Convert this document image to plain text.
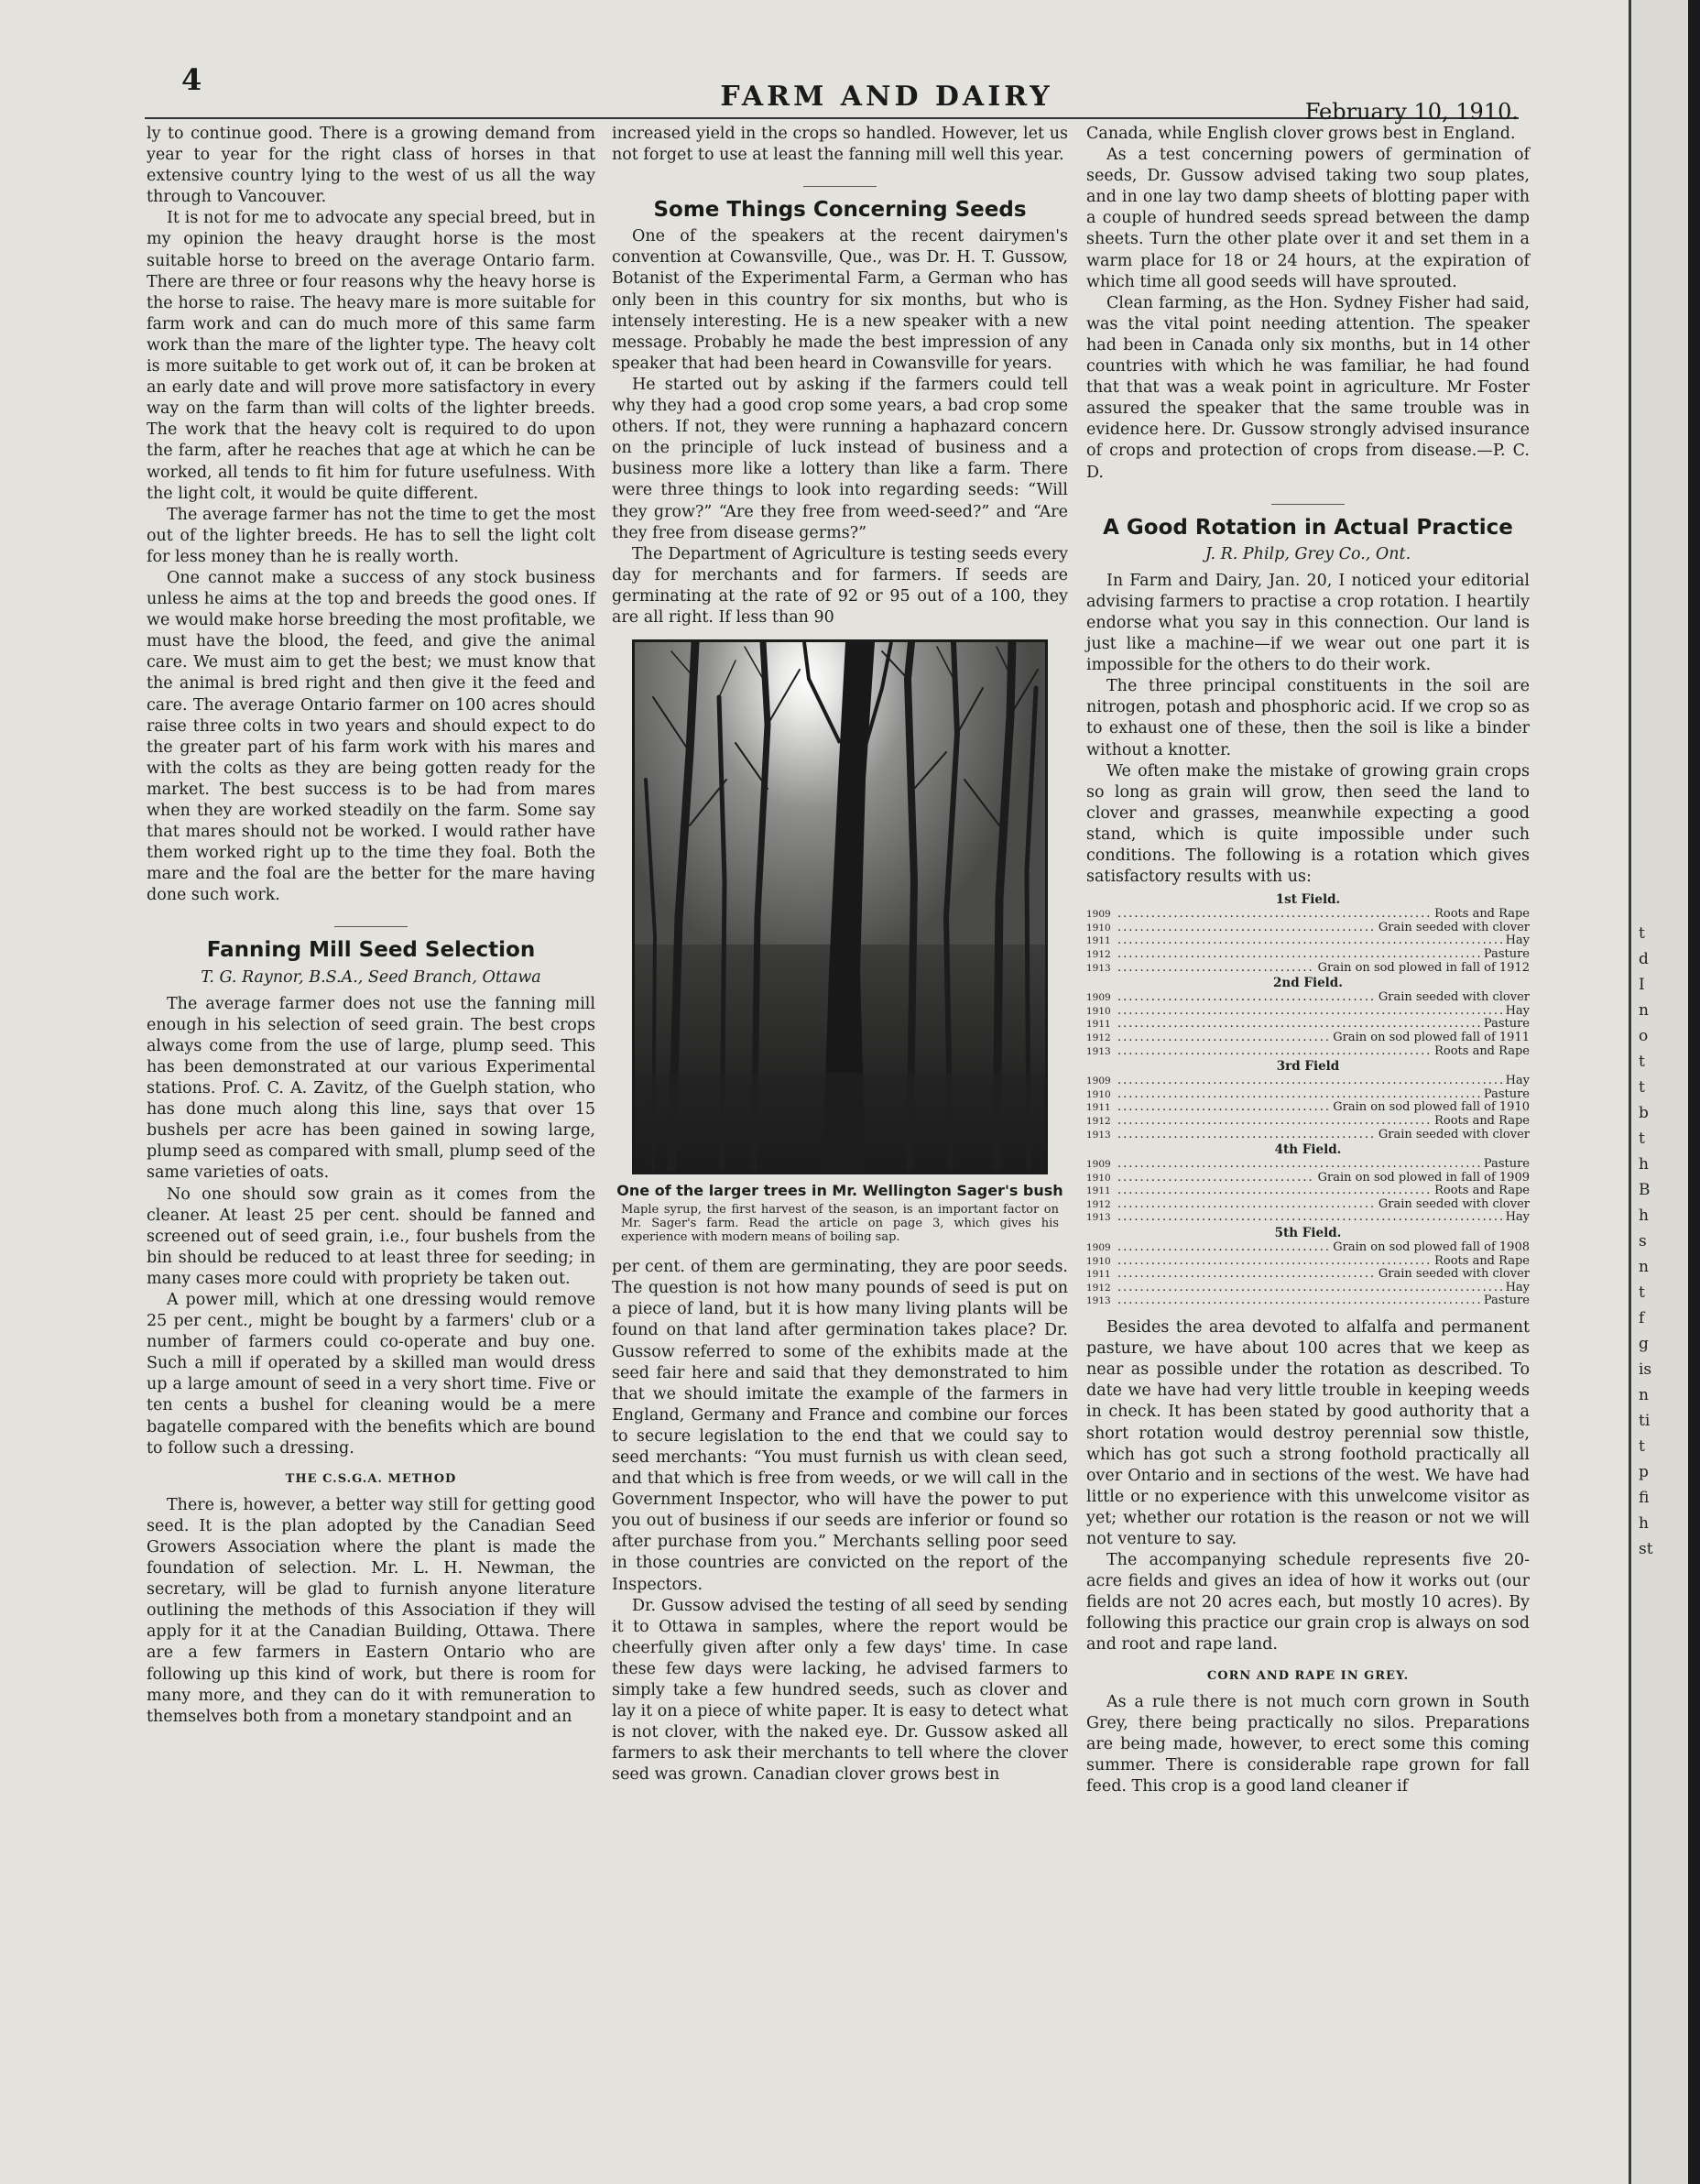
4	FARM AND DAIRY	February 10, 1910.

ly to continue good. There is a growing demand from year to year for the right class of horses in that extensive country lying to the west of us all the way through to Vancouver.

It is not for me to advocate any special breed, but in my opinion the heavy draught horse is the most suitable horse to breed on the average Ontario farm. There are three or four reasons why the heavy horse is the horse to raise. The heavy mare is more suitable for farm work and can do much more of this same farm work than the mare of the lighter type. The heavy colt is more suitable to get work out of, it can be broken at an early date and will prove more satisfactory in every way on the farm than will colts of the lighter breeds. The work that the heavy colt is required to do upon the farm, after he reaches that age at which he can be worked, all tends to fit him for future usefulness. With the light colt, it would be quite different.

The average farmer has not the time to get the most out of the lighter breeds. He has to sell the light colt for less money than he is really worth.

One cannot make a success of any stock business unless he aims at the top and breeds the good ones. If we would make horse breeding the most profitable, we must have the blood, the feed, and give the animal care. We must aim to get the best; we must know that the animal is bred right and then give it the feed and care. The average Ontario farmer on 100 acres should raise three colts in two years and should expect to do the greater part of his farm work with his mares and with the colts as they are being gotten ready for the market. The best success is to be had from mares when they are worked steadily on the farm. Some say that mares should not be worked. I would rather have them worked right up to the time they foal. Both the mare and the foal are the better for the mare having done such work.

Fanning Mill Seed Selection
T. G. Raynor, B.S.A., Seed Branch, Ottawa

The average farmer does not use the fanning mill enough in his selection of seed grain. The best crops always come from the use of large, plump seed. This has been demonstrated at our various Experimental stations. Prof. C. A. Zavitz, of the Guelph station, who has done much along this line, says that over 15 bushels per acre has been gained in sowing large, plump seed as compared with small, plump seed of the same varieties of oats.

No one should sow grain as it comes from the cleaner. At least 25 per cent. should be fanned and screened out of seed grain, i.e., four bushels from the bin should be reduced to at least three for seeding; in many cases more could with propriety be taken out.

A power mill, which at one dressing would remove 25 per cent., might be bought by a farmers' club or a number of farmers could co-operate and buy one. Such a mill if operated by a skilled man would dress up a large amount of seed in a very short time. Five or ten cents a bushel for cleaning would be a mere bagatelle compared with the benefits which are bound to follow such a dressing.

THE C.S.G.A. METHOD

There is, however, a better way still for getting good seed. It is the plan adopted by the Canadian Seed Growers Association where the plant is made the foundation of selection. Mr. L. H. Newman, the secretary, will be glad to furnish anyone literature outlining the methods of this Association if they will apply for it at the Canadian Building, Ottawa. There are a few farmers in Eastern Ontario who are following up this kind of work, but there is room for many more, and they can do it with remuneration to themselves both from a monetary standpoint and an

increased yield in the crops so handled. However, let us not forget to use at least the fanning mill well this year.

Some Things Concerning Seeds

One of the speakers at the recent dairymen's convention at Cowansville, Que., was Dr. H. T. Gussow, Botanist of the Experimental Farm, a German who has only been in this country for six months, but who is intensely interesting. He is a new speaker with a new message. Probably he made the best impression of any speaker that had been heard in Cowansville for years.

He started out by asking if the farmers could tell why they had a good crop some years, a bad crop some others. If not, they were running a haphazard concern on the principle of luck instead of business and a business more like a lottery than like a farm. There were three things to look into regarding seeds: “Will they grow?” “Are they free from weed-seed?” and “Are they free from disease germs?”

The Department of Agriculture is testing seeds every day for merchants and for farmers. If seeds are germinating at the rate of 92 or 95 out of a 100, they are all right. If less than 90

One of the larger trees in Mr. Wellington Sager's bush
Maple syrup, the first harvest of the season, is an important factor on Mr. Sager's farm. Read the article on page 3, which gives his experience with modern means of boiling sap.

per cent. of them are germinating, they are poor seeds. The question is not how many pounds of seed is put on a piece of land, but it is how many living plants will be found on that land after germination takes place? Dr. Gussow referred to some of the exhibits made at the seed fair here and said that they demonstrated to him that we should imitate the example of the farmers in England, Germany and France and combine our forces to secure legislation to the end that we could say to seed merchants: “You must furnish us with clean seed, and that which is free from weeds, or we will call in the Government Inspector, who will have the power to put you out of business if our seeds are inferior or found so after purchase from you.” Merchants selling poor seed in those countries are convicted on the report of the Inspectors.

Dr. Gussow advised the testing of all seed by sending it to Ottawa in samples, where the report would be cheerfully given after only a few days' time. In case these few days were lacking, he advised farmers to simply take a few hundred seeds, such as clover and lay it on a piece of white paper. It is easy to detect what is not clover, with the naked eye. Dr. Gussow asked all farmers to ask their merchants to tell where the clover seed was grown. Canadian clover grows best in

Canada, while English clover grows best in England.

As a test concerning powers of germination of seeds, Dr. Gussow advised taking two soup plates, and in one lay two damp sheets of blotting paper with a couple of hundred seeds spread between the damp sheets. Turn the other plate over it and set them in a warm place for 18 or 24 hours, at the expiration of which time all good seeds will have sprouted.

Clean farming, as the Hon. Sydney Fisher had said, was the vital point needing attention. The speaker had been in Canada only six months, but in 14 other countries with which he was familiar, he had found that that was a weak point in agriculture. Mr Foster assured the speaker that the same trouble was in evidence here. Dr. Gussow strongly advised insurance of crops and protection of crops from disease.—P. C. D.

A Good Rotation in Actual Practice
J. R. Philp, Grey Co., Ont.

In Farm and Dairy, Jan. 20, I noticed your editorial advising farmers to practise a crop rotation. I heartily endorse what you say in this connection. Our land is just like a machine—if we wear out one part it is impossible for the others to do their work.

The three principal constituents in the soil are nitrogen, potash and phosphoric acid. If we crop so as to exhaust one of these, then the soil is like a binder without a knotter.

We often make the mistake of growing grain crops so long as grain will grow, then seed the land to clover and grasses, meanwhile expecting a good stand, which is quite impossible under such conditions. The following is a rotation which gives satisfactory results with us:

1st Field.
1909 .....	Roots and Rape
1910 .....	Grain seeded with clover
1911 .....	Hay
1912 .....	Pasture
1913 .....	Grain on sod plowed in fall of 1912
2nd Field.
1909 .....	Grain seeded with clover
1910 .....	Hay
1911 .....	Pasture
1912 .....	Grain on sod plowed fall of 1911
1913 .....	Roots and Rape
3rd Field
1909 .....	Hay
1910 .....	Pasture
1911 .....	Grain on sod plowed fall of 1910
1912 .....	Roots and Rape
1913 .....	Grain seeded with clover
4th Field.
1909 .....	Pasture
1910 .....	Grain on sod plowed in fall of 1909
1911 .....	Roots and Rape
1912 .....	Grain seeded with clover
1913 .....	Hay
5th Field.
1909 .....	Grain on sod plowed fall of 1908
1910 .....	Roots and Rape
1911 .....	Grain seeded with clover
1912 .....	Hay
1913 .....	Pasture

Besides the area devoted to alfalfa and permanent pasture, we have about 100 acres that we keep as near as possible under the rotation as described. To date we have had very little trouble in keeping weeds in check. It has been stated by good authority that a short rotation would destroy perennial sow thistle, which has got such a strong foothold practically all over Ontario and in sections of the west. We have had little or no experience with this unwelcome visitor as yet; whether our rotation is the reason or not we will not venture to say.

The accompanying schedule represents five 20-acre fields and gives an idea of how it works out (our fields are not 20 acres each, but mostly 10 acres). By following this practice our grain crop is always on sod and root and rape land.

CORN AND RAPE IN GREY.

As a rule there is not much corn grown in South Grey, there being practically no silos. Preparations are being made, however, to erect some this coming summer. There is considerable rape grown for fall feed. This crop is a good land cleaner if

t
d
I
n
o
t
t
b
t
h
B
h
s
n
t
f
g
is
n
ti
t
p
fi
h
st
